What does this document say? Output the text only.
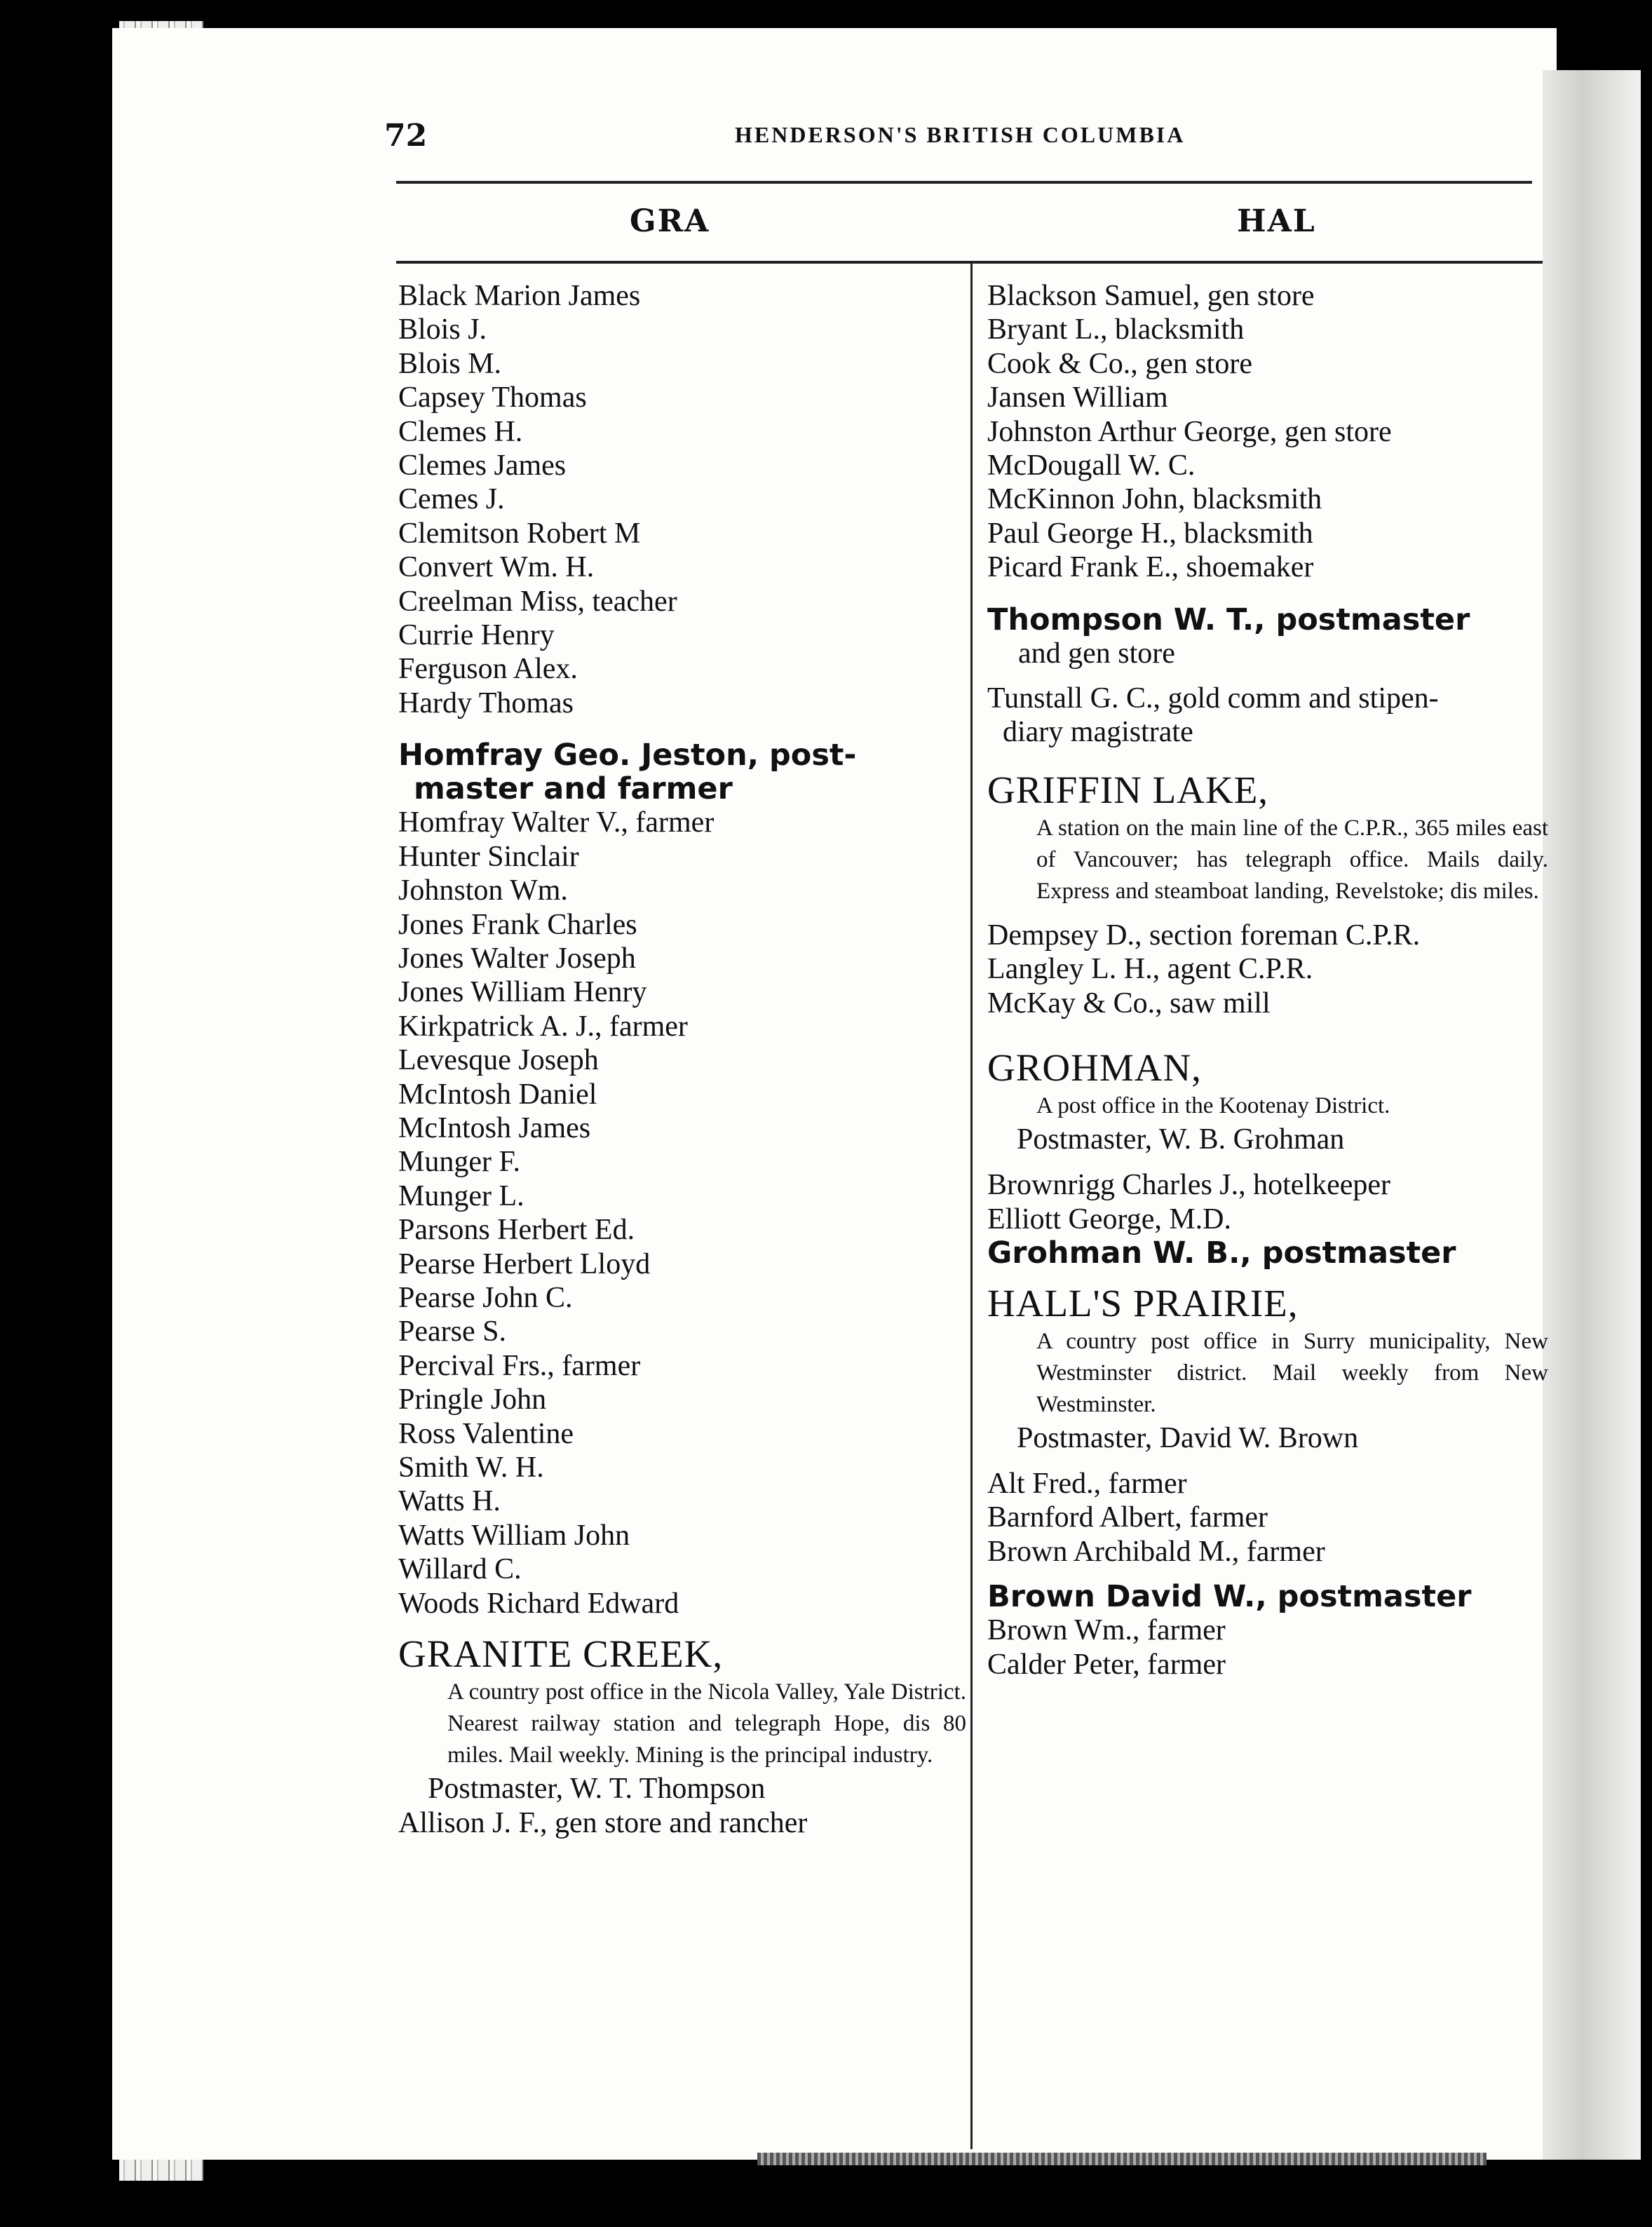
72	HENDERSON'S BRITISH COLUMBIA
GRA	HAL
Black Marion James
Blois J.
Blois M.
Capsey Thomas
Clemes H.
Clemes James
Cemes J.
Clemitson Robert M
Convert Wm. H.
Creelman Miss, teacher
Currie Henry
Ferguson Alex.
Hardy Thomas
Homfray Geo. Jeston, post-
master and farmer
Homfray Walter V., farmer
Hunter Sinclair
Johnston Wm.
Jones Frank Charles
Jones Walter Joseph
Jones William Henry
Kirkpatrick A. J., farmer
Levesque Joseph
McIntosh Daniel
McIntosh James
Munger F.
Munger L.
Parsons Herbert Ed.
Pearse Herbert Lloyd
Pearse John C.
Pearse S.
Percival Frs., farmer
Pringle John
Ross Valentine
Smith W. H.
Watts H.
Watts William John
Willard C.
Woods Richard Edward
GRANITE CREEK,
A country post office in the Nicola Valley, Yale District. Nearest railway station and telegraph Hope, dis 80 miles. Mail weekly. Mining is the principal industry.
Postmaster, W. T. Thompson
Allison J. F., gen store and rancher
Blackson Samuel, gen store
Bryant L., blacksmith
Cook & Co., gen store
Jansen William
Johnston Arthur George, gen store
McDougall W. C.
McKinnon John, blacksmith
Paul George H., blacksmith
Picard Frank E., shoemaker
Thompson W. T., postmaster
and gen store
Tunstall G. C., gold comm and stipen-
diary magistrate
GRIFFIN LAKE,
A station on the main line of the C.P.R., 365 miles east of Vancouver; has telegraph office. Mails daily. Express and steamboat landing, Revelstoke; dis miles.
Dempsey D., section foreman C.P.R.
Langley L. H., agent C.P.R.
McKay & Co., saw mill
GROHMAN,
A post office in the Kootenay District.
Postmaster, W. B. Grohman
Brownrigg Charles J., hotelkeeper
Elliott George, M.D.
Grohman W. B., postmaster
HALL'S PRAIRIE,
A country post office in Surry municipality, New Westminster district. Mail weekly from New Westminster.
Postmaster, David W. Brown
Alt Fred., farmer
Barnford Albert, farmer
Brown Archibald M., farmer
Brown David W., postmaster
Brown Wm., farmer
Calder Peter, farmer
